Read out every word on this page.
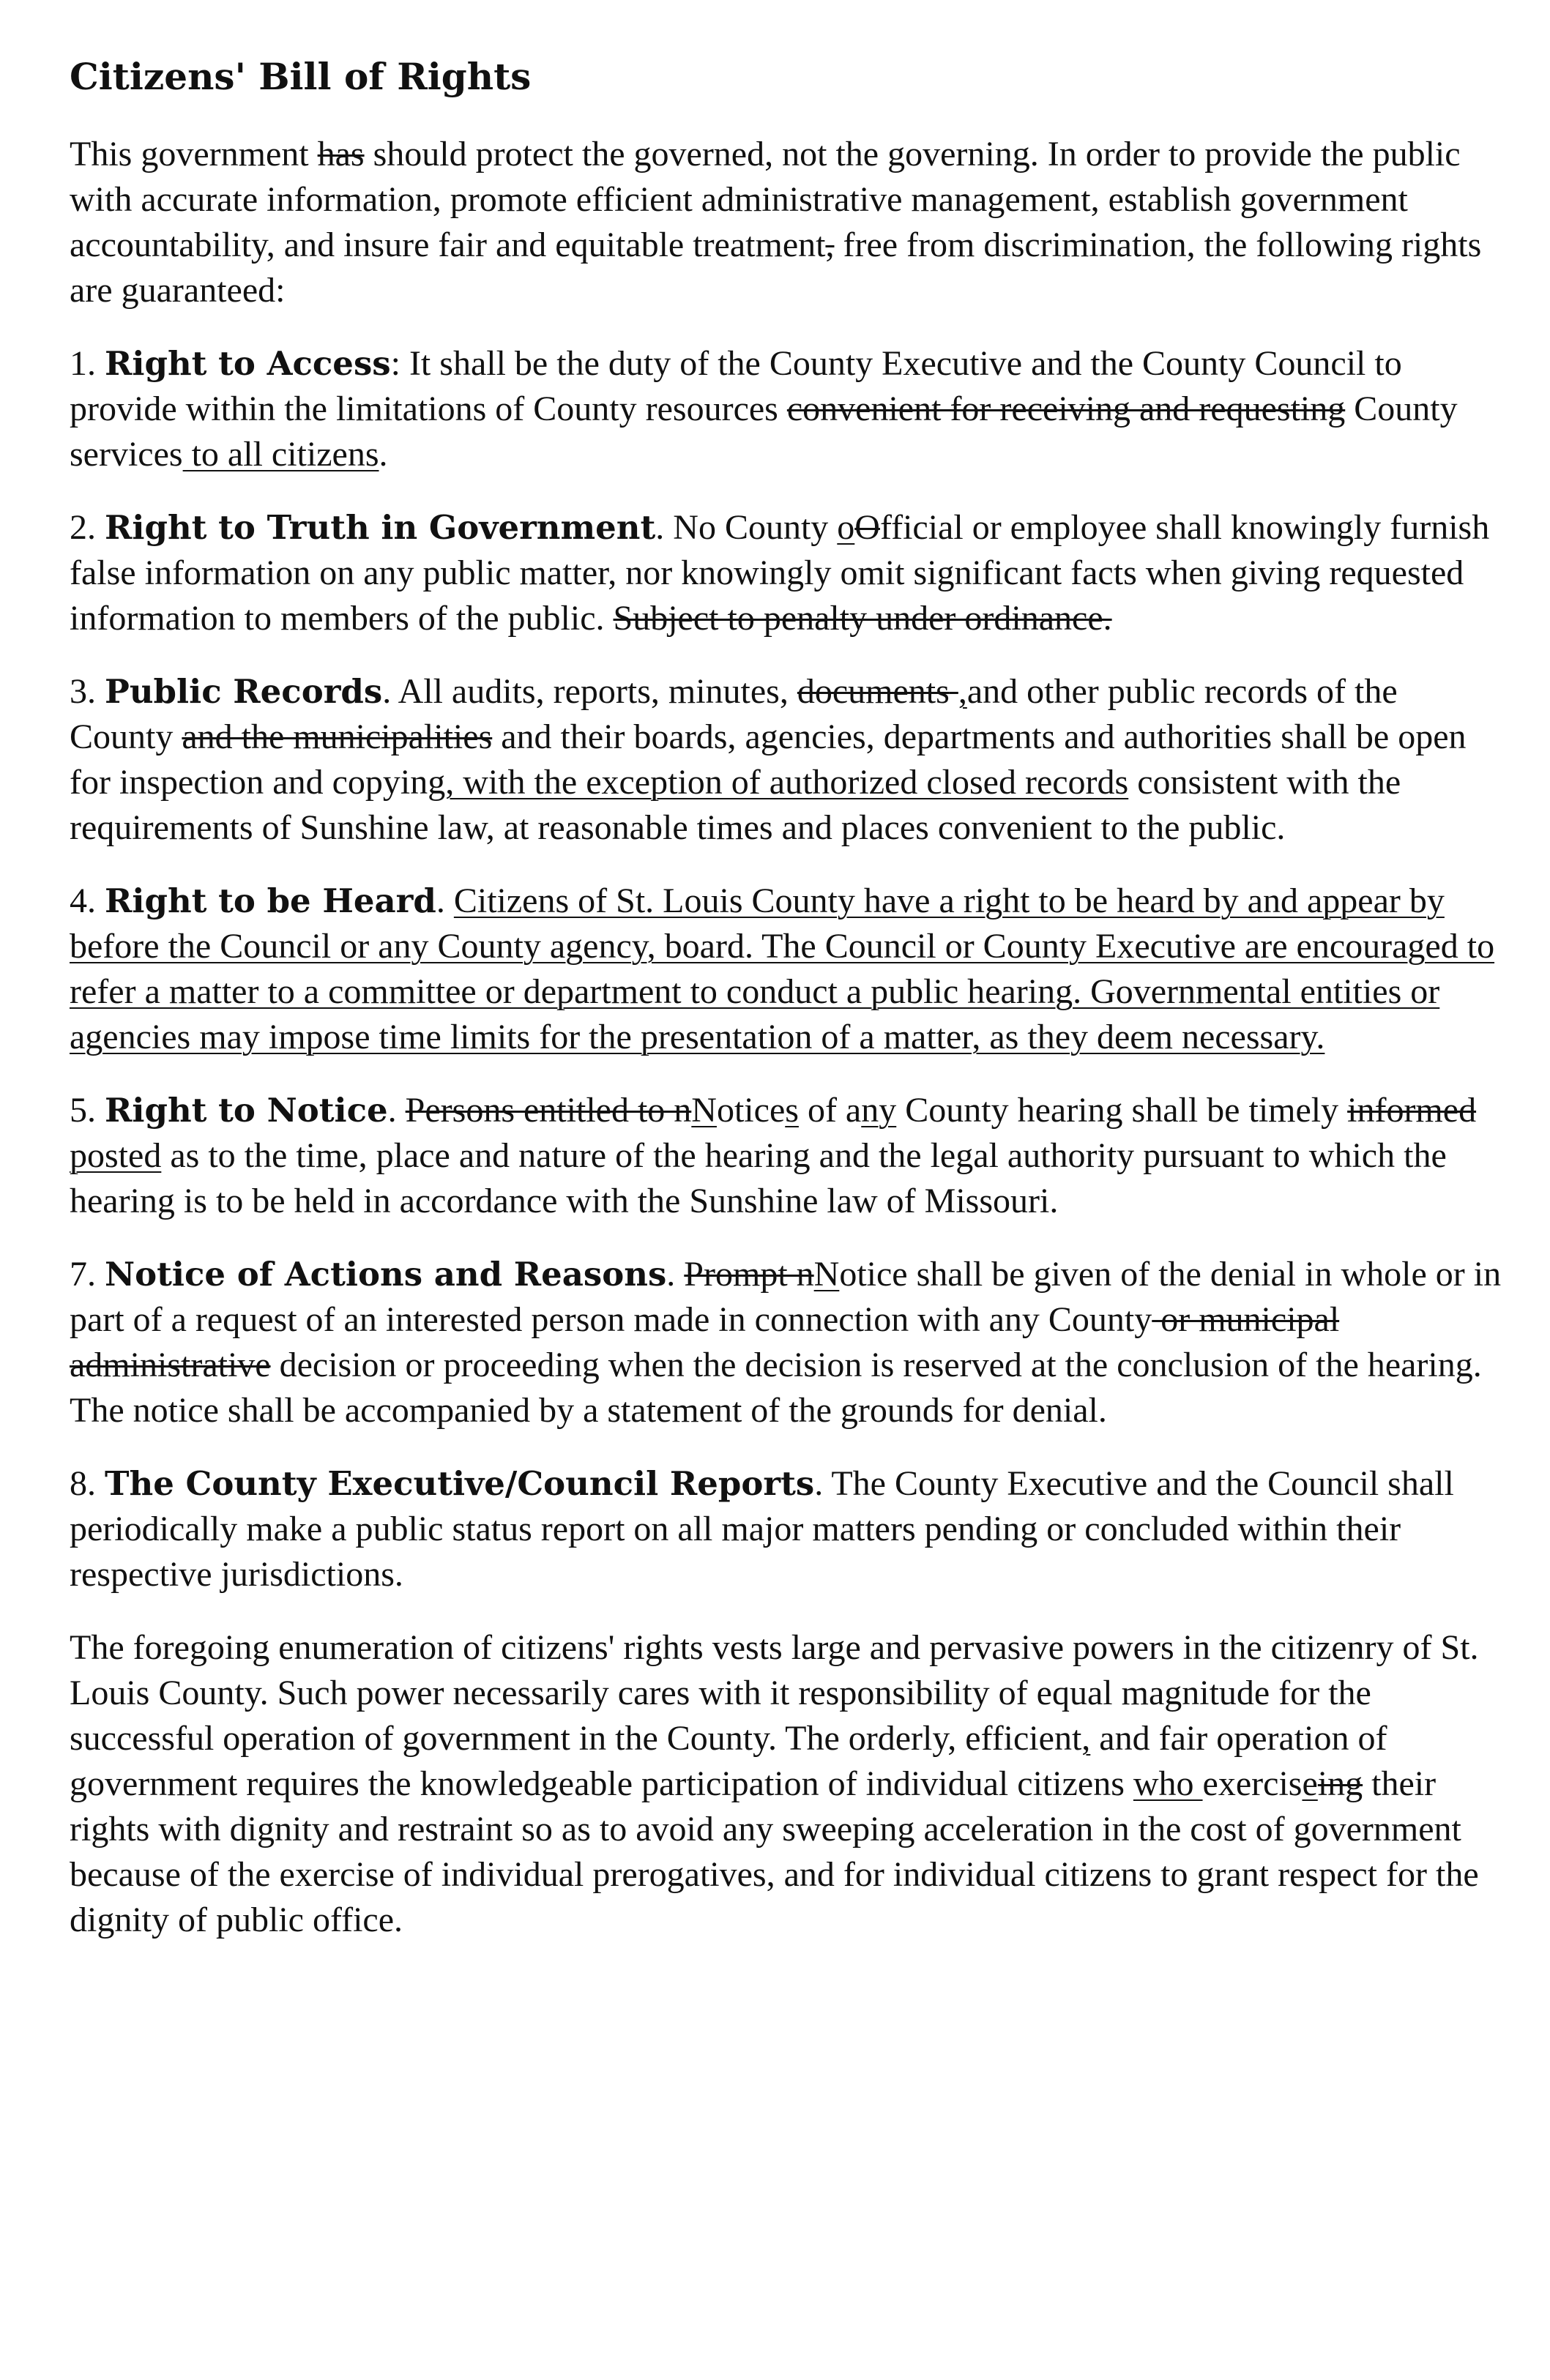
Citizens' Bill of Rights

This government has should protect the governed, not the governing. In order to provide the public with accurate information, promote efficient administrative management, establish government accountability, and insure fair and equitable treatment, free from discrimination, the following rights are guaranteed:

1. Right to Access: It shall be the duty of the County Executive and the County Council to provide within the limitations of County resources convenient for receiving and requesting County services to all citizens.

2. Right to Truth in Government. No County oOfficial or employee shall knowingly furnish false information on any public matter, nor knowingly omit significant facts when giving requested information to members of the public. Subject to penalty under ordinance.

3. Public Records. All audits, reports, minutes, documents ,and other public records of the County and the municipalities and their boards, agencies, departments and authorities shall be open for inspection and copying, with the exception of authorized closed records consistent with the requirements of Sunshine law, at reasonable times and places convenient to the public.

4. Right to be Heard. Citizens of St. Louis County have a right to be heard by and appear by before the Council or any County agency, board. The Council or County Executive are encouraged to refer a matter to a committee or department to conduct a public hearing. Governmental entities or agencies may impose time limits for the presentation of a matter, as they deem necessary.

5. Right to Notice. Persons entitled to nNotices of any County hearing shall be timely informed posted as to the time, place and nature of the hearing and the legal authority pursuant to which the hearing is to be held in accordance with the Sunshine law of Missouri.

7. Notice of Actions and Reasons. Prompt nNotice shall be given of the denial in whole or in part of a request of an interested person made in connection with any County or municipal administrative decision or proceeding when the decision is reserved at the conclusion of the hearing. The notice shall be accompanied by a statement of the grounds for denial.

8. The County Executive/Council Reports. The County Executive and the Council shall periodically make a public status report on all major matters pending or concluded within their respective jurisdictions.

The foregoing enumeration of citizens' rights vests large and pervasive powers in the citizenry of St. Louis County. Such power necessarily cares with it responsibility of equal magnitude for the successful operation of government in the County. The orderly, efficient, and fair operation of government requires the knowledgeable participation of individual citizens who exerciseing their rights with dignity and restraint so as to avoid any sweeping acceleration in the cost of government because of the exercise of individual prerogatives, and for individual citizens to grant respect for the dignity of public office.
